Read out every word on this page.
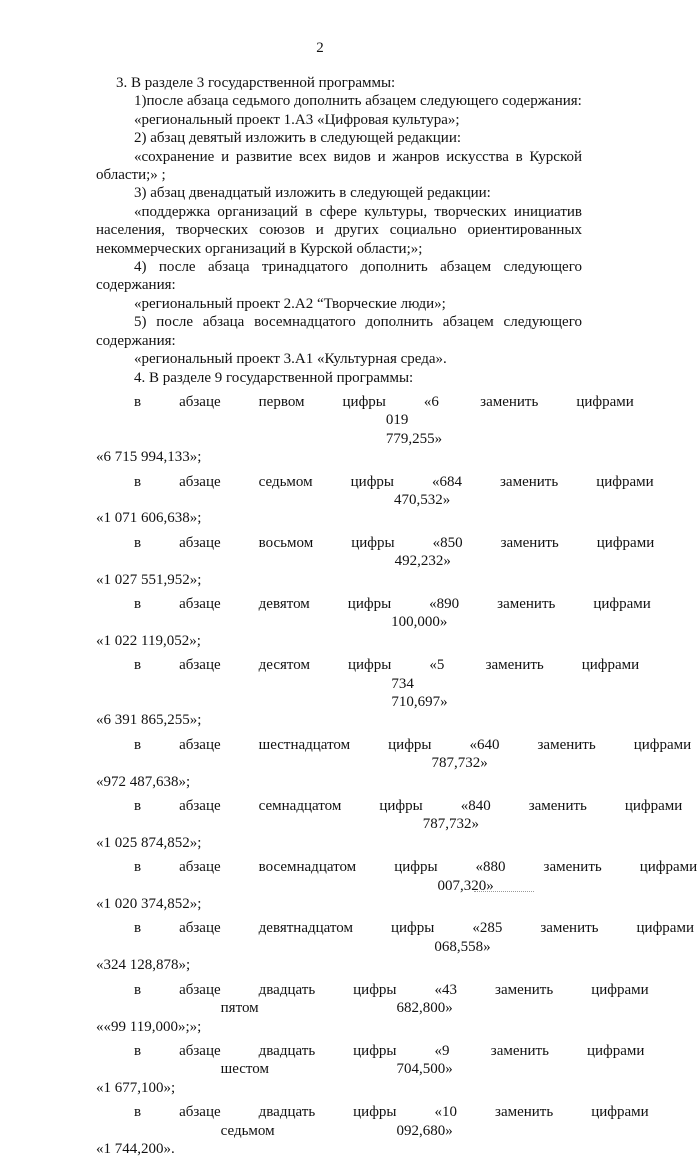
2

3. В разделе 3 государственной программы:

1)после абзаца седьмого дополнить абзацем следующего содержания:

«региональный проект 1.А3 «Цифровая культура»;

2) абзац девятый изложить в следующей редакции:

«сохранение и развитие всех видов и жанров искусства в Курской области;» ;

3) абзац двенадцатый изложить в следующей редакции:

«поддержка организаций в сфере культуры, творческих инициатив населения, творческих союзов и других социально ориентированных некоммерческих организаций в Курской области;»;

4) после абзаца тринадцатого дополнить абзацем следующего содержания:

«региональный проект 2.А2 “Творческие люди»;

5) после абзаца восемнадцатого дополнить абзацем следующего содержания:

«региональный проект 3.А1 «Культурная среда».

4. В разделе 9 государственной программы:

в	абзаце	первом	цифры	«6 019 779,255»
заменить	цифрами
«6 715 994,133»;
в	абзаце	седьмом	цифры	«684 470,532»
заменить	цифрами
«1 071 606,638»;
в	абзаце	восьмом	цифры	«850 492,232»
заменить	цифрами
«1 027 551,952»;
в	абзаце	девятом	цифры	«890 100,000»
заменить	цифрами
«1 022 119,052»;
в	абзаце	десятом	цифры	«5 734 710,697»
заменить	цифрами
«6 391 865,255»;
в	абзаце	шестнадцатом	цифры	«640 787,732»
заменить	цифрами
«972 487,638»;
в	абзаце	семнадцатом	цифры	«840 787,732»
заменить	цифрами
«1 025 874,852»;
в	абзаце	восемнадцатом	цифры	«880 007,320»
заменить	цифрами
«1 020 374,852»;
в	абзаце	девятнадцатом	цифры	«285 068,558»
заменить	цифрами
«324 128,878»;
в	абзаце	двадцать пятом
цифры	«43 682,800»
заменить	цифрами
««99 119,000»;»;
в	абзаце	двадцать шестом
цифры	«9 704,500»
заменить	цифрами
«1 677,100»;
в	абзаце	двадцать седьмом
цифры	«10 092,680»
заменить	цифрами
«1 744,200».
